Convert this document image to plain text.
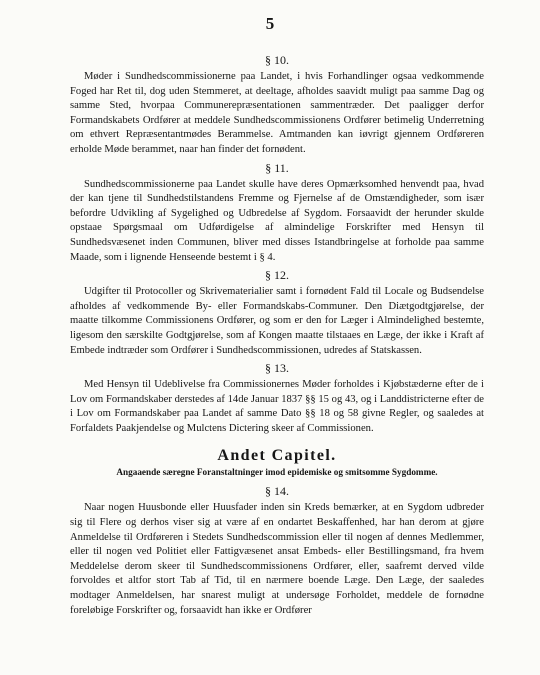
5
§ 10.

Møder i Sundhedscommissionerne paa Landet, i hvis Forhandlinger ogsaa vedkommende Foged har Ret til, dog uden Stemmeret, at deeltage, afholdes saavidt muligt paa samme Dag og samme Sted, hvorpaa Communerepræsentationen sammentræder. Det paaligger derfor Formandskabets Ordfører at meddele Sundhedscommissionens Ordfører betimelig Underretning om ethvert Repræsentantmødes Berammelse. Amtmanden kan iøvrigt gjennem Ordføreren erholde Møde berammet, naar han finder det fornødent.

§ 11.

Sundhedscommissionerne paa Landet skulle have deres Opmærksomhed henvendt paa, hvad der kan tjene til Sundhedstilstandens Fremme og Fjernelse af de Omstændigheder, som især befordre Udvikling af Sygelighed og Udbredelse af Sygdom. Forsaavidt der herunder skulde opstaae Spørgsmaal om Udførdigelse af almindelige Forskrifter med Hensyn til Sundhedsvæsenet inden Communen, bliver med disses Istandbringelse at forholde paa samme Maade, som i lignende Henseende bestemt i § 4.

§ 12.

Udgifter til Protocoller og Skrivematerialier samt i fornødent Fald til Locale og Budsendelse afholdes af vedkommende By- eller Formandskabs-Communer. Den Diætgodtgjørelse, der maatte tilkomme Commissionens Ordfører, og som er den for Læger i Almindelighed bestemte, ligesom den særskilte Godtgjørelse, som af Kongen maatte tilstaaes en Læge, der ikke i Kraft af Embede indtræder som Ordfører i Sundhedscommissionen, udredes af Statskassen.

§ 13.

Med Hensyn til Udeblivelse fra Commissionernes Møder forholdes i Kjøbstæderne efter de i Lov om Formandskaber derstedes af 14de Januar 1837 §§ 15 og 43, og i Landdistricterne efter de i Lov om Formandskaber paa Landet af samme Dato §§ 18 og 58 givne Regler, og saaledes at Forfaldets Paakjendelse og Mulctens Dictering skeer af Commissionen.

Andet Capitel.
Angaaende særegne Foranstaltninger imod epidemiske og smitsomme Sygdomme.
§ 14.

Naar nogen Huusbonde eller Huusfader inden sin Kreds bemærker, at en Sygdom udbreder sig til Flere og derhos viser sig at være af en ondartet Beskaffenhed, har han derom at gjøre Anmeldelse til Ordføreren i Stedets Sundhedscommission eller til nogen af dennes Medlemmer, eller til nogen ved Politiet eller Fattigvæsenet ansat Embeds- eller Bestillingsmand, fra hvem Meddelelse derom skeer til Sundhedscommissionens Ordfører, eller, saafremt derved vilde forvoldes et altfor stort Tab af Tid, til en nærmere boende Læge. Den Læge, der saaledes modtager Anmeldelsen, har snarest muligt at undersøge Forholdet, meddele de fornødne foreløbige Forskrifter og, forsaavidt han ikke er Ordfører
